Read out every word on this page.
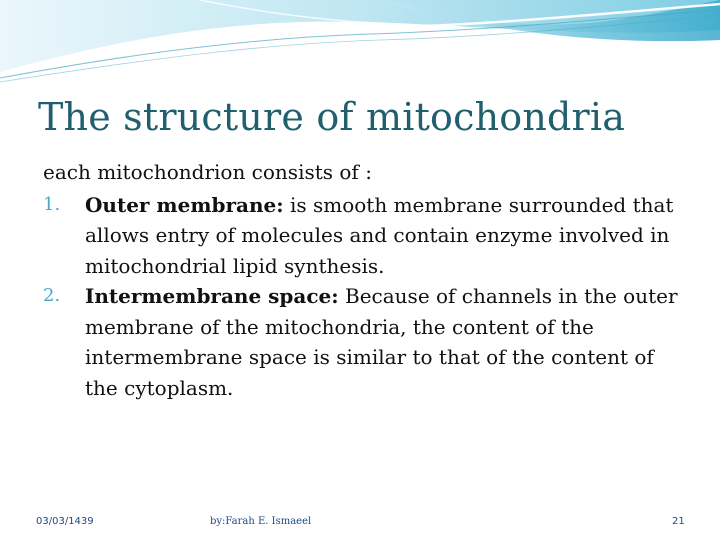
The structure of mitochondria

each mitochondrion consists of :

1. Outer membrane: is smooth membrane surrounded that allows entry of molecules and contain enzyme involved in mitochondrial lipid synthesis.
2. Intermembrane space: Because of channels in the outer membrane of the mitochondria, the content of the intermembrane space is similar to that of the content of the cytoplasm.
03/03/1439	by:Farah E. Ismaeel	21
